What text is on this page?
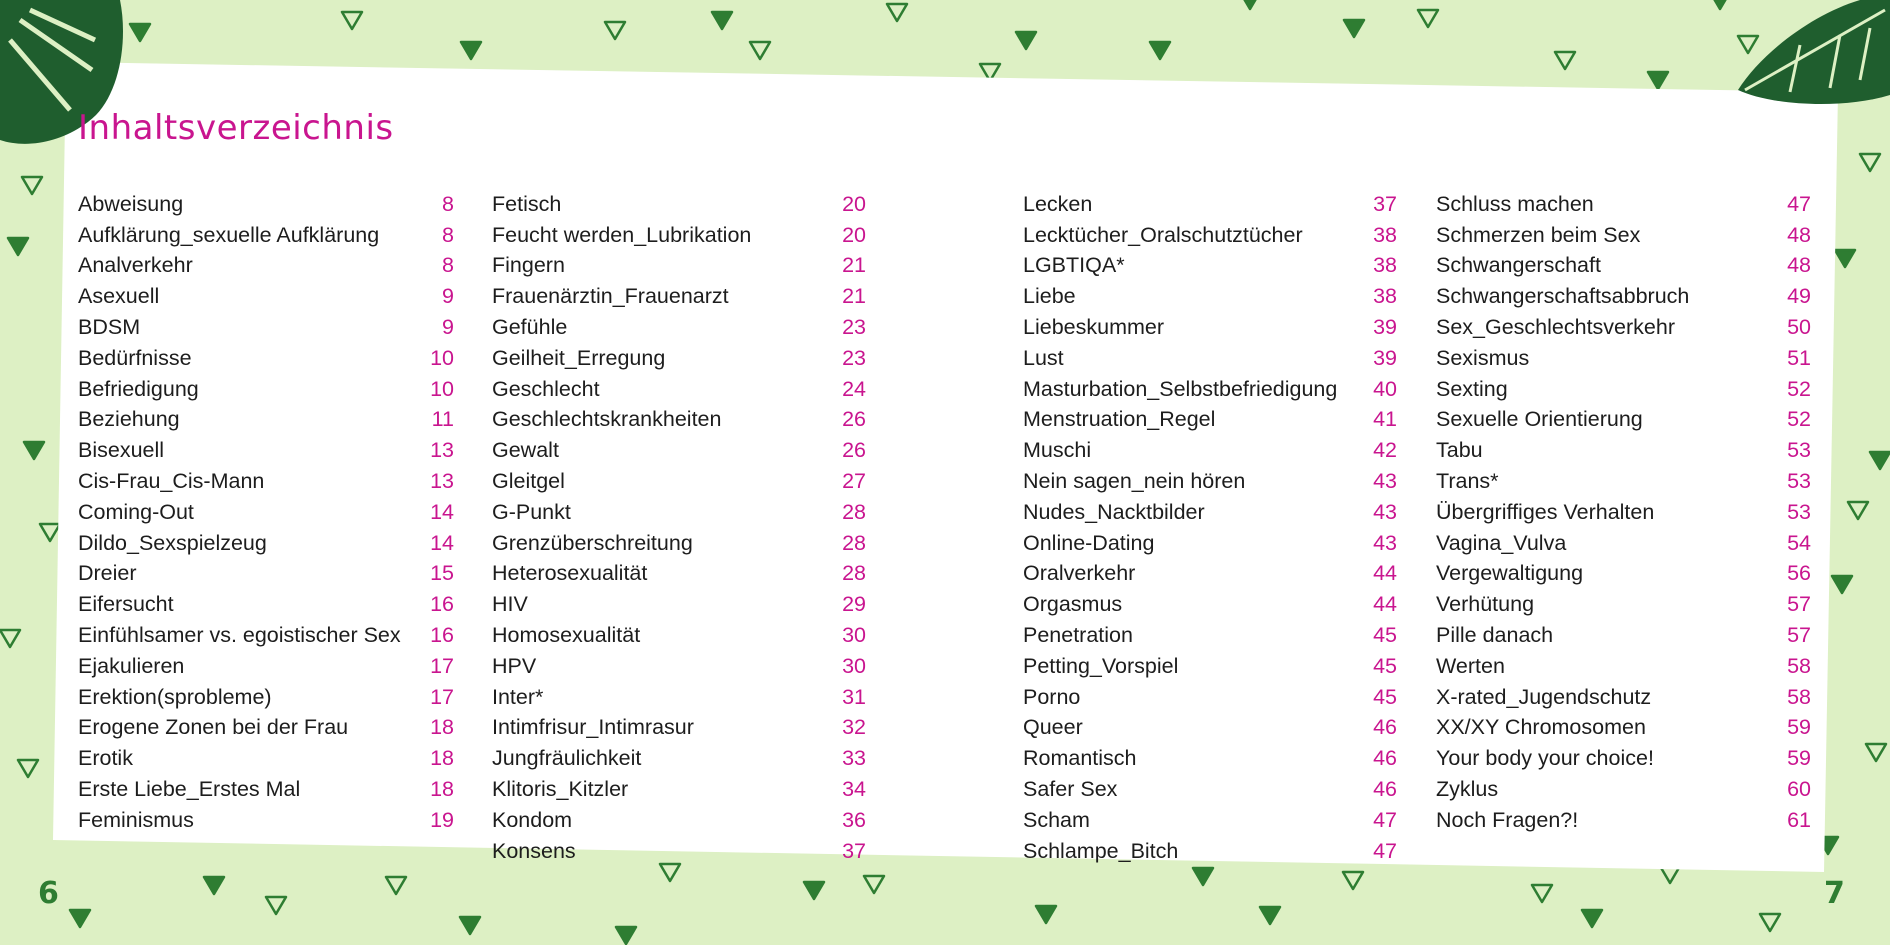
Inhaltsverzeichnis
Abweisung	8
Aufklärung_sexuelle Aufklärung	8
Analverkehr	8
Asexuell	9
BDSM	9
Bedürfnisse	10
Befriedigung	10
Beziehung	11
Bisexuell	13
Cis-Frau_Cis-Mann	13
Coming-Out	14
Dildo_Sexspielzeug	14
Dreier	15
Eifersucht	16
Einfühlsamer vs. egoistischer Sex 16
Ejakulieren	17
Erektion(sprobleme)	17
Erogene Zonen bei der Frau	18
Erotik	18
Erste Liebe_Erstes Mal	18
Feminismus	19
Fetisch	20
Feucht werden_Lubrikation	20
Fingern	21
Frauenärztin_Frauenarzt	21
Gefühle	23
Geilheit_Erregung	23
Geschlecht	24
Geschlechtskrankheiten	26
Gewalt	26
Gleitgel	27
G-Punkt	28
Grenzüberschreitung	28
Heterosexualität	28
HIV	29
Homosexualität	30
HPV	30
Inter*	31
Intimfrisur_Intimrasur	32
Jungfräulichkeit	33
Klitoris_Kitzler	34
Kondom	36
Konsens	37
Lecken	37
Lecktücher_Oralschutztücher	38
LGBTIQA*	38
Liebe	38
Liebeskummer	39
Lust	39
Masturbation_Selbstbefriedigung 40
Menstruation_Regel	41
Muschi	42
Nein sagen_nein hören	43
Nudes_Nacktbilder	43
Online-Dating	43
Oralverkehr	44
Orgasmus	44
Penetration	45
Petting_Vorspiel	45
Porno	45
Queer	46
Romantisch	46
Safer Sex	46
Scham	47
Schlampe_Bitch	47
Schluss machen	47
Schmerzen beim Sex	48
Schwangerschaft	48
Schwangerschaftsabbruch	49
Sex_Geschlechtsverkehr	50
Sexismus	51
Sexting	52
Sexuelle Orientierung	52
Tabu	53
Trans*	53
Übergriffiges Verhalten	53
Vagina_Vulva	54
Vergewaltigung	56
Verhütung	57
Pille danach	57
Werten	58
X-rated_Jugendschutz	58
XX/XY Chromosomen	59
Your body your choice!	59
Zyklus	60
Noch Fragen?!	61
6	7
